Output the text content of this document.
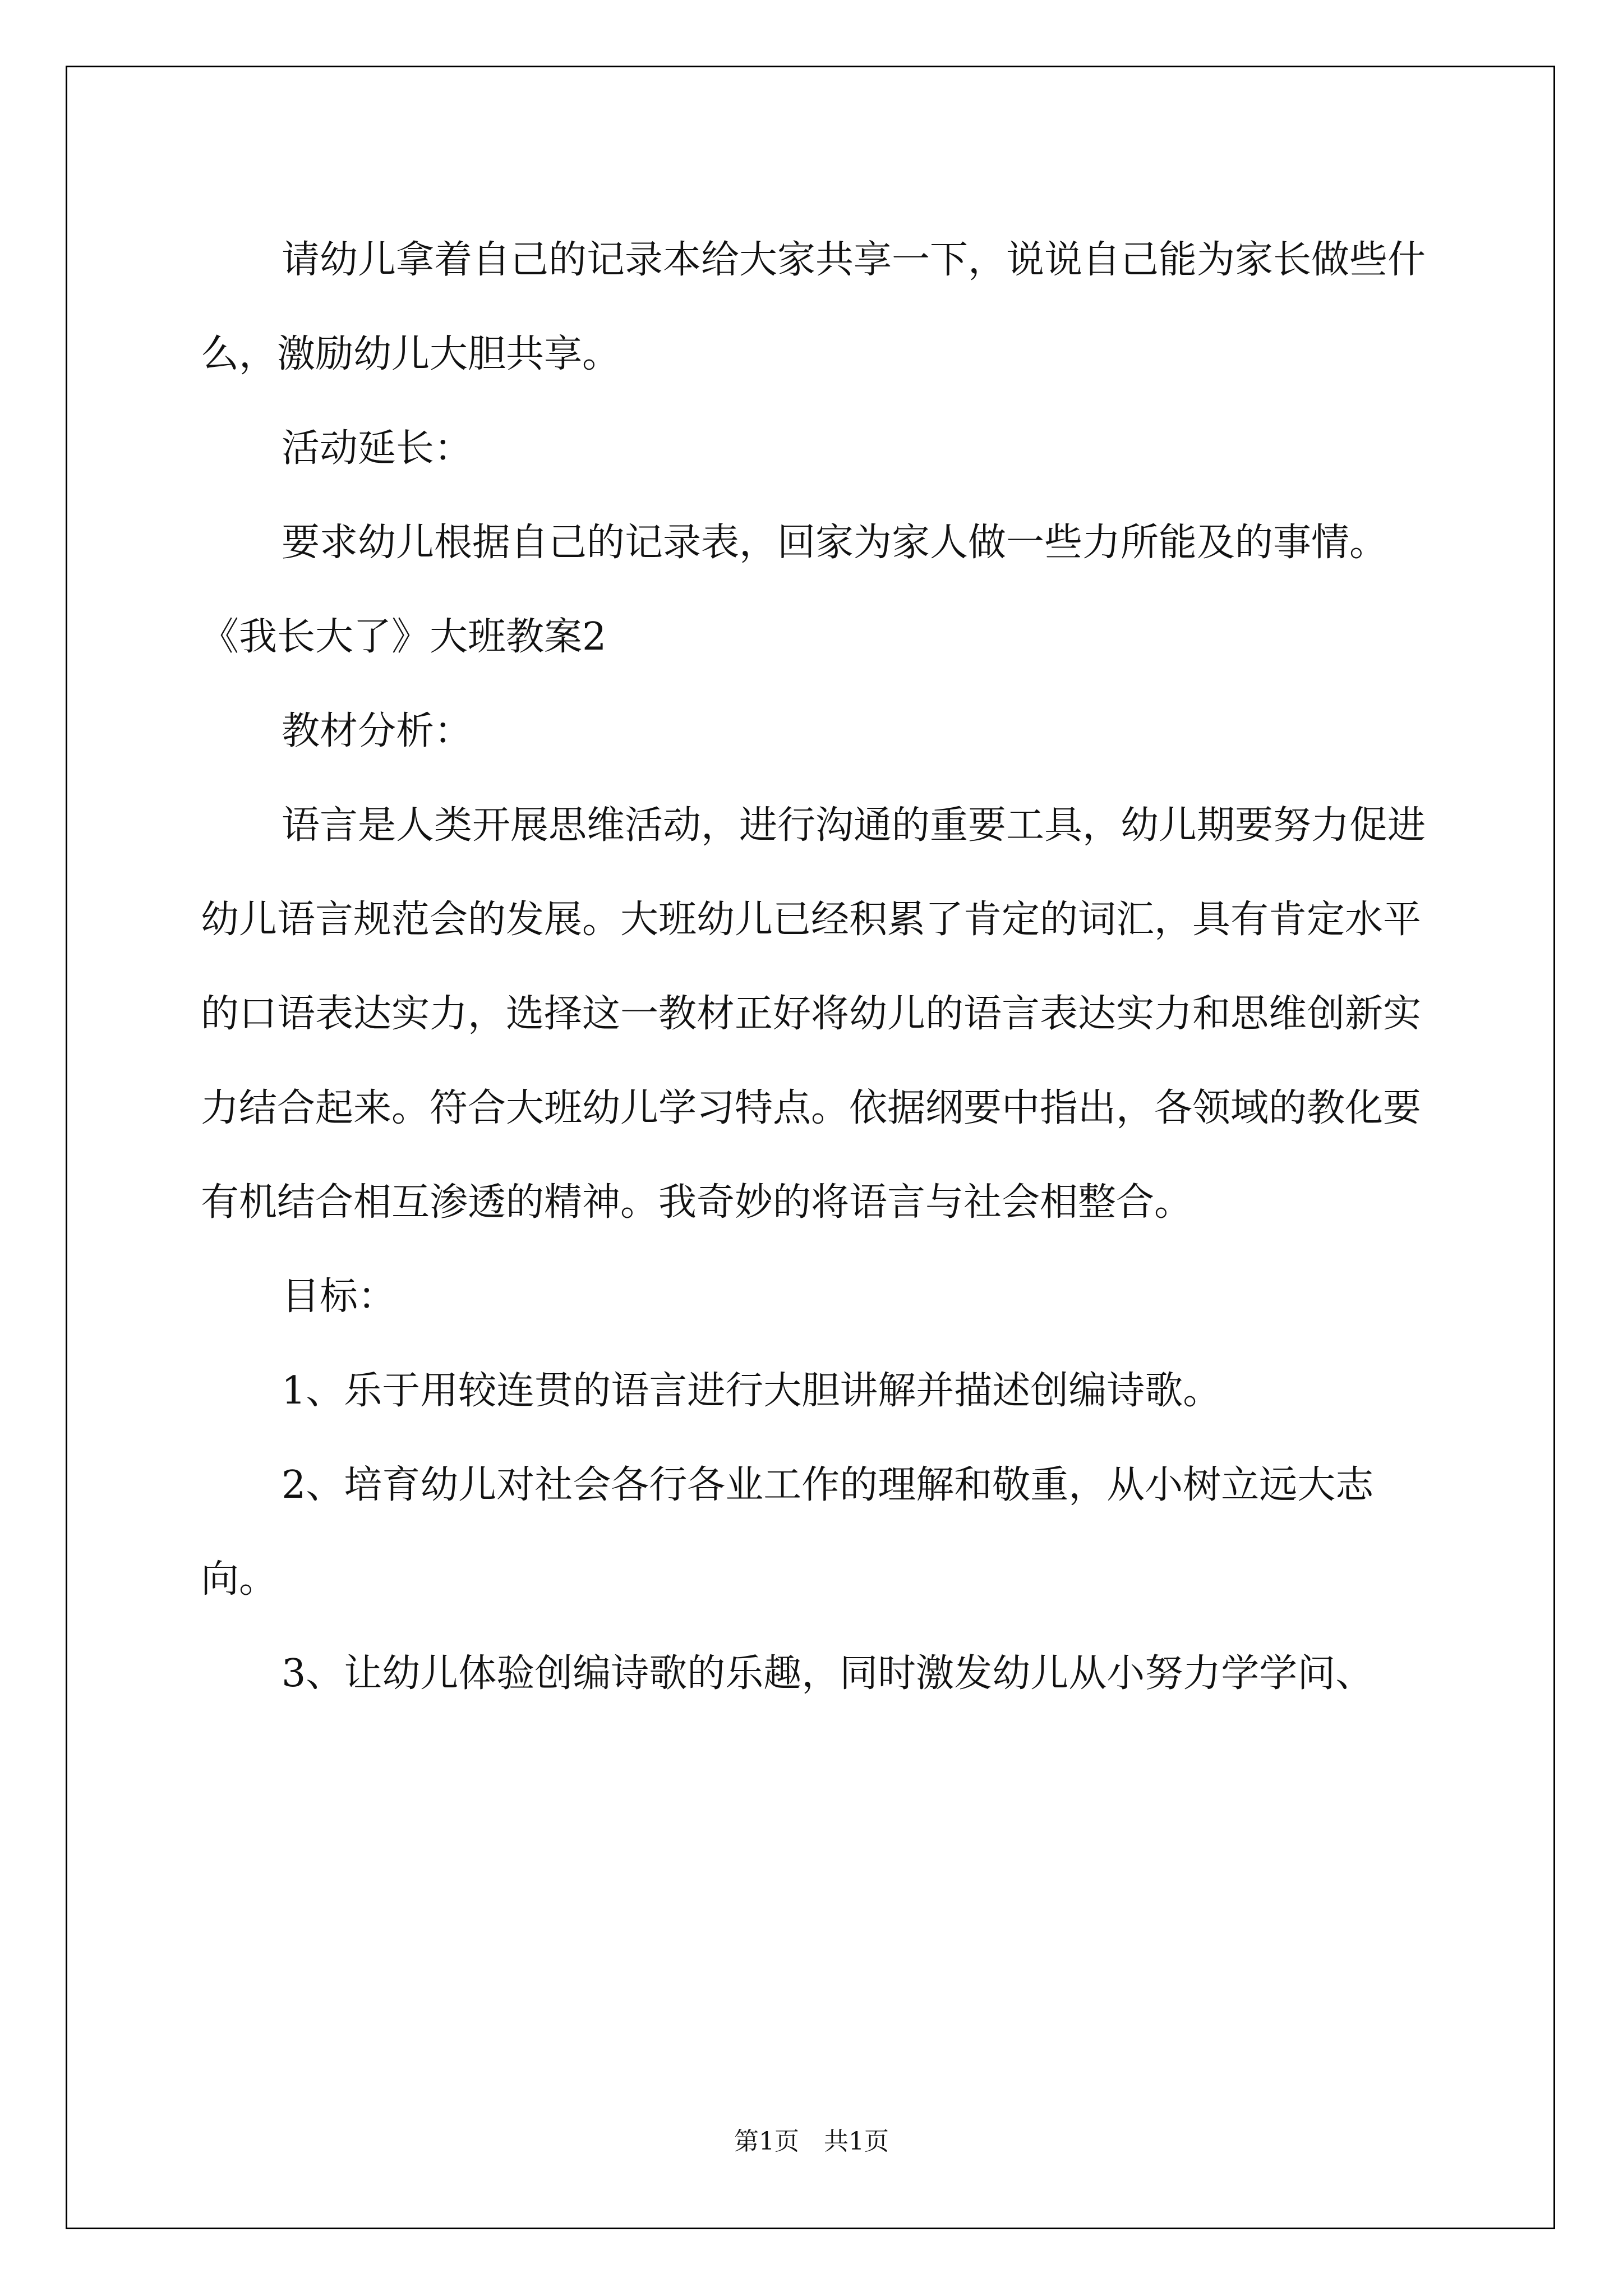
请幼儿拿着自己的记录本给大家共享一下，说说自己能为家长做些什么，激励幼儿大胆共享。

活动延长：

要求幼儿根据自己的记录表，回家为家人做一些力所能及的事情。

《我长大了》大班教案2

教材分析：

语言是人类开展思维活动，进行沟通的重要工具，幼儿期要努力促进幼儿语言规范会的发展。大班幼儿已经积累了肯定的词汇，具有肯定水平的口语表达实力，选择这一教材正好将幼儿的语言表达实力和思维创新实力结合起来。符合大班幼儿学习特点。依据纲要中指出，各领域的教化要有机结合相互渗透的精神。我奇妙的将语言与社会相整合。

目标：

1、乐于用较连贯的语言进行大胆讲解并描述创编诗歌。

2、培育幼儿对社会各行各业工作的理解和敬重，从小树立远大志向。

3、让幼儿体验创编诗歌的乐趣，同时激发幼儿从小努力学学问、

第1页　共1页
